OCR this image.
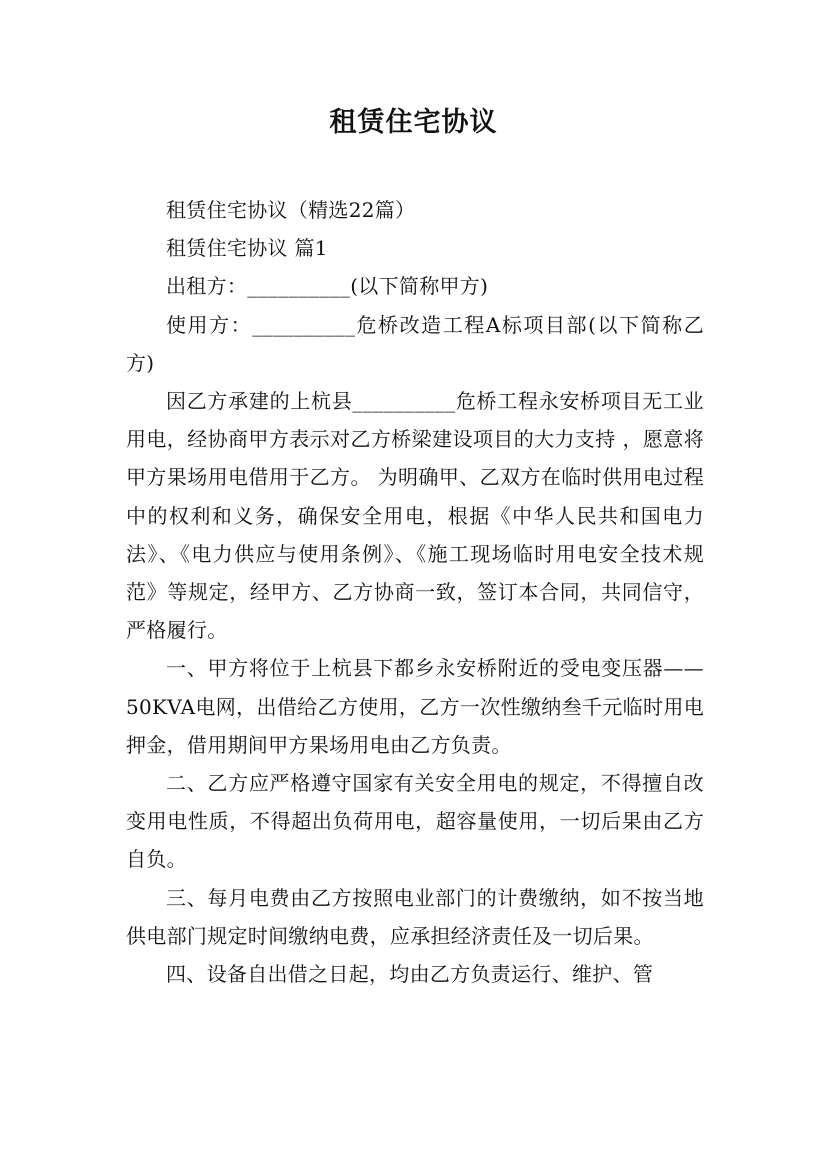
租赁住宅协议

租赁住宅协议（精选22篇）

租赁住宅协议 篇1

出租方：__________(以下简称甲方)

使用方：__________危桥改造工程A标项目部(以下简称乙方)

因乙方承建的上杭县__________危桥工程永安桥项目无工业用电，经协商甲方表示对乙方桥梁建设项目的大力支持 ，愿意将甲方果场用电借用于乙方。 为明确甲、乙双方在临时供用电过程中的权利和义务，确保安全用电，根据《中华人民共和国电力法》、《电力供应与使用条例》、《施工现场临时用电安全技术规范》等规定，经甲方、乙方协商一致，签订本合同，共同信守，严格履行。

一、甲方将位于上杭县下都乡永安桥附近的受电变压器——50KVA电网，出借给乙方使用，乙方一次性缴纳叁千元临时用电押金，借用期间甲方果场用电由乙方负责。

二、乙方应严格遵守国家有关安全用电的规定，不得擅自改变用电性质，不得超出负荷用电，超容量使用，一切后果由乙方自负。

三、每月电费由乙方按照电业部门的计费缴纳，如不按当地供电部门规定时间缴纳电费，应承担经济责任及一切后果。

四、设备自出借之日起，均由乙方负责运行、维护、管
